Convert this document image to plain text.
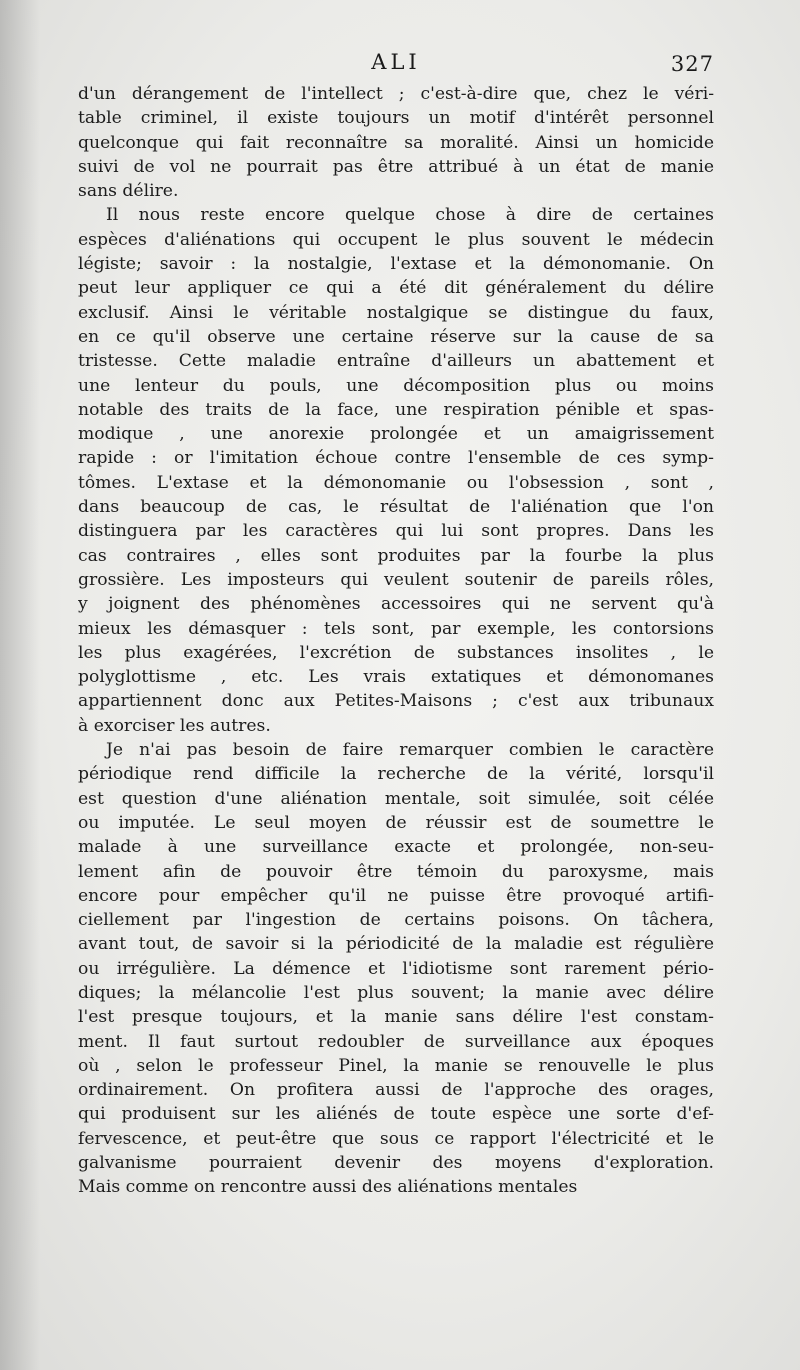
ALI	327
d'un dérangement de l'intellect ; c'est-à-dire que, chez le véri-
table criminel, il existe toujours un motif d'intérêt personnel
quelconque qui fait reconnaître sa moralité. Ainsi un homicide
suivi de vol ne pourrait pas être attribué à un état de manie
sans délire.
Il nous reste encore quelque chose à dire de certaines
espèces d'aliénations qui occupent le plus souvent le médecin
légiste; savoir : la nostalgie, l'extase et la démonomanie. On
peut leur appliquer ce qui a été dit généralement du délire
exclusif. Ainsi le véritable nostalgique se distingue du faux,
en ce qu'il observe une certaine réserve sur la cause de sa
tristesse. Cette maladie entraîne d'ailleurs un abattement et
une lenteur du pouls, une décomposition plus ou moins
notable des traits de la face, une respiration pénible et spas-
modique , une anorexie prolongée et un amaigrissement
rapide : or l'imitation échoue contre l'ensemble de ces symp-
tômes. L'extase et la démonomanie ou l'obsession , sont ,
dans beaucoup de cas, le résultat de l'aliénation que l'on
distinguera par les caractères qui lui sont propres. Dans les
cas contraires , elles sont produites par la fourbe la plus
grossière. Les imposteurs qui veulent soutenir de pareils rôles,
y joignent des phénomènes accessoires qui ne servent qu'à
mieux les démasquer : tels sont, par exemple, les contorsions
les plus exagérées, l'excrétion de substances insolites , le
polyglottisme , etc. Les vrais extatiques et démonomanes
appartiennent donc aux Petites-Maisons ; c'est aux tribunaux
à exorciser les autres.
Je n'ai pas besoin de faire remarquer combien le caractère
périodique rend difficile la recherche de la vérité, lorsqu'il
est question d'une aliénation mentale, soit simulée, soit célée
ou imputée. Le seul moyen de réussir est de soumettre le
malade à une surveillance exacte et prolongée, non-seu-
lement afin de pouvoir être témoin du paroxysme, mais
encore pour empêcher qu'il ne puisse être provoqué artifi-
ciellement par l'ingestion de certains poisons. On tâchera,
avant tout, de savoir si la périodicité de la maladie est régulière
ou irrégulière. La démence et l'idiotisme sont rarement pério-
diques; la mélancolie l'est plus souvent; la manie avec délire
l'est presque toujours, et la manie sans délire l'est constam-
ment. Il faut surtout redoubler de surveillance aux époques
où , selon le professeur Pinel, la manie se renouvelle le plus
ordinairement. On profitera aussi de l'approche des orages,
qui produisent sur les aliénés de toute espèce une sorte d'ef-
fervescence, et peut-être que sous ce rapport l'électricité et le
galvanisme pourraient devenir des moyens d'exploration.
Mais comme on rencontre aussi des aliénations mentales
